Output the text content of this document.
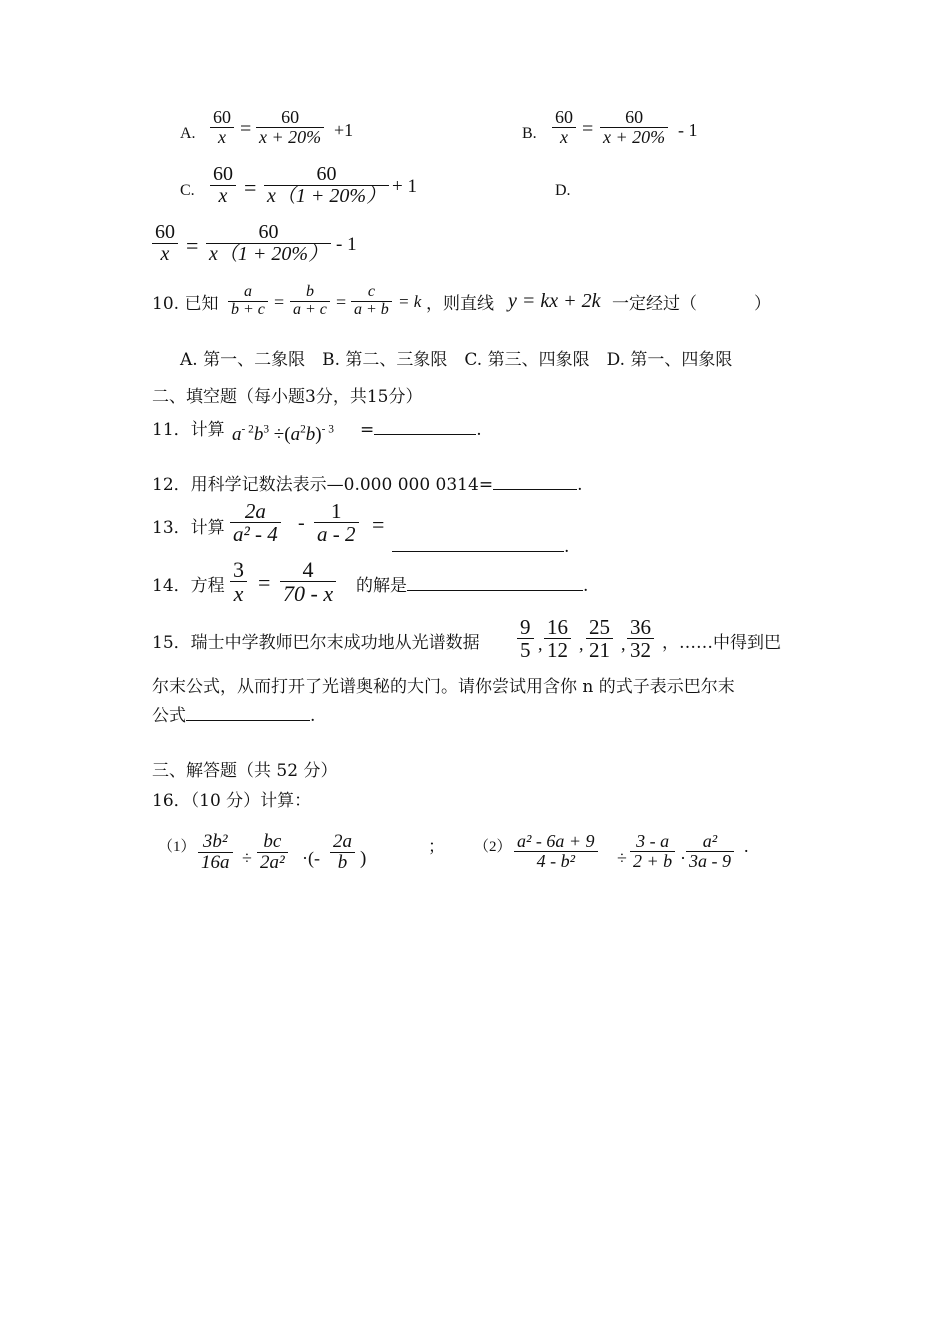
A.
60
x =
60
x + 20% +1	B.
60
x =
60
x + 20% - 1
C.
60
x =
60
x（1 + 20%） + 1	D.
60
x =
60
x（1 + 20%） - 1
10. 已知
a
b + c =
b
a + c =
c
a + b = k ，则直线 y = kx + 2k 一定经过（	）
A. 第一、二象限　B. 第二、三象限　C. 第三、四象限　D. 第一、四象限
二、填空题（每小题3分，共15分）
11．计算 $a^{- 2}b^3 \div(a^2b)^{- 3}$ =	.
12．用科学记数法表示—0.000 000 0314=	.
13．计算
2a
a² - 4 - 1
a - 2 =
.
14．方程
3
x =
4
70 - x 的解是	.
15．瑞士中学教师巴尔末成功地从光谱数据
9
5 ,
16
12 ,
25
21 ,
36
32 ，……中得到巴
尔末公式，从而打开了光谱奥秘的大门。请你尝试用含你 n 的式子表示巴尔末
公式	.
三、解答题（共 52 分）
16．（10 分）计算：
（1） 3b²
16a ÷
bc
2a² ·(-
2a
b )
； （2） a² - 6a + 9
4 - b² ÷
3 - a
2 + b ·
a²
3a - 9
.
